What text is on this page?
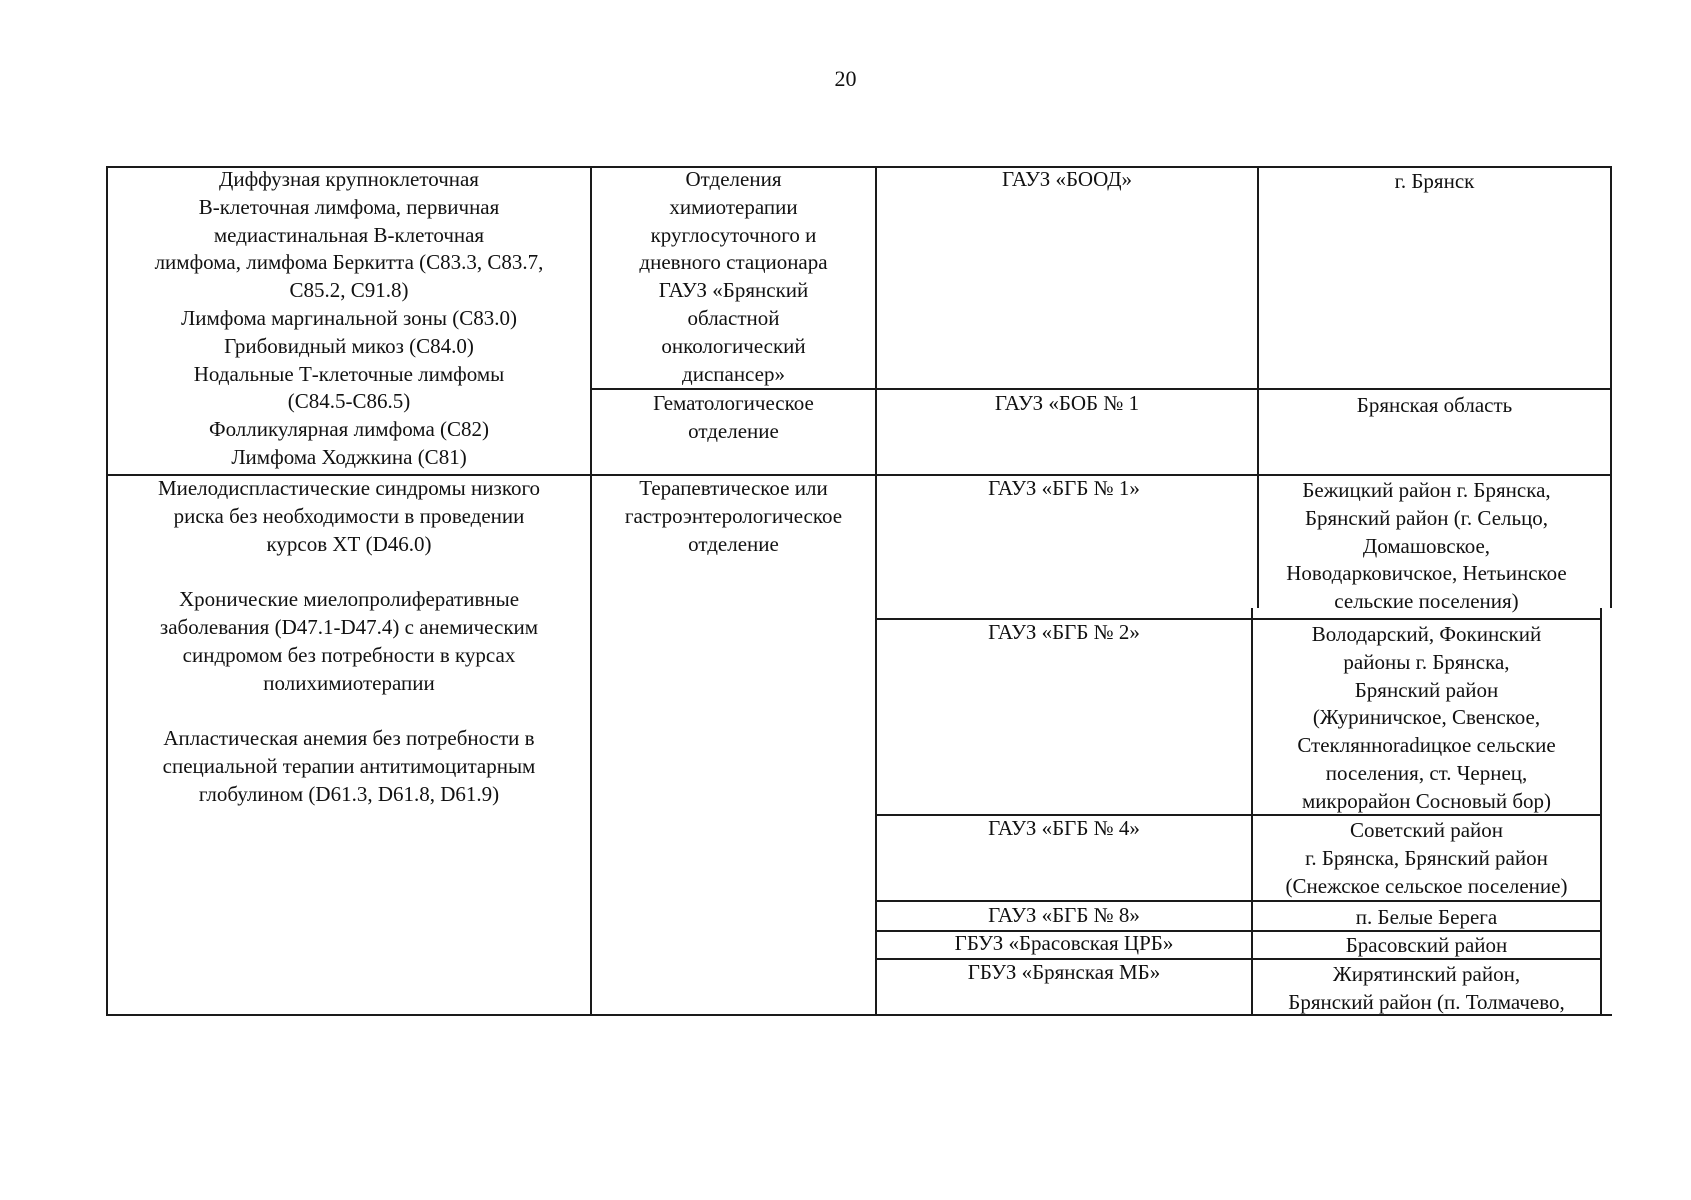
20
Диффузная крупноклеточная
В-клеточная лимфома, первичная
медиастинальная В-клеточная
лимфома, лимфома Беркитта (С83.3, С83.7,
С85.2, С91.8)
Лимфома маргинальной зоны (С83.0)
Грибовидный микоз (С84.0)
Нодальные Т-клеточные лимфомы
(С84.5-С86.5)
Фолликулярная лимфома (С82)
Лимфома Ходжкина (С81)
Отделения
химиотерапии
круглосуточного и
дневного стационара
ГАУЗ «Брянский
областной
онкологический
диспансер»
ГАУЗ «БООД»	г. Брянск
Гематологическое
отделение
ГАУЗ «БОБ № 1	Брянская область
Миелодиспластические синдромы низкого
риска без необходимости в проведении
курсов ХТ (D46.0)

Хронические миелопролиферативные
заболевания (D47.1-D47.4) с анемическим
синдромом без потребности в курсах
полихимиотерапии

Апластическая анемия без потребности в
специальной терапии антитимоцитарным
глобулином (D61.3, D61.8, D61.9)
Терапевтическое или
гастроэнтерологическое
отделение
ГАУЗ «БГБ № 1»	Бежицкий район г. Брянска,
Брянский район (г. Сельцо,
Домашовское,
Новодарковичское, Нетьинское
сельские поселения)
ГАУЗ «БГБ № 2»	Володарский, Фокинский
районы г. Брянска,
Брянский район
(Журиничское, Свенское,
Стеклянноradицкое сельские
поселения, ст. Чернец,
микрорайон Сосновый бор)
ГАУЗ «БГБ № 4»	Советский район
г. Брянска, Брянский район
(Снежское сельское поселение)
ГАУЗ «БГБ № 8»	п. Белые Берега
ГБУЗ «Брасовская ЦРБ»	Брасовский район
ГБУЗ «Брянская МБ»	Жирятинский район,
Брянский район (п. Толмачево,
